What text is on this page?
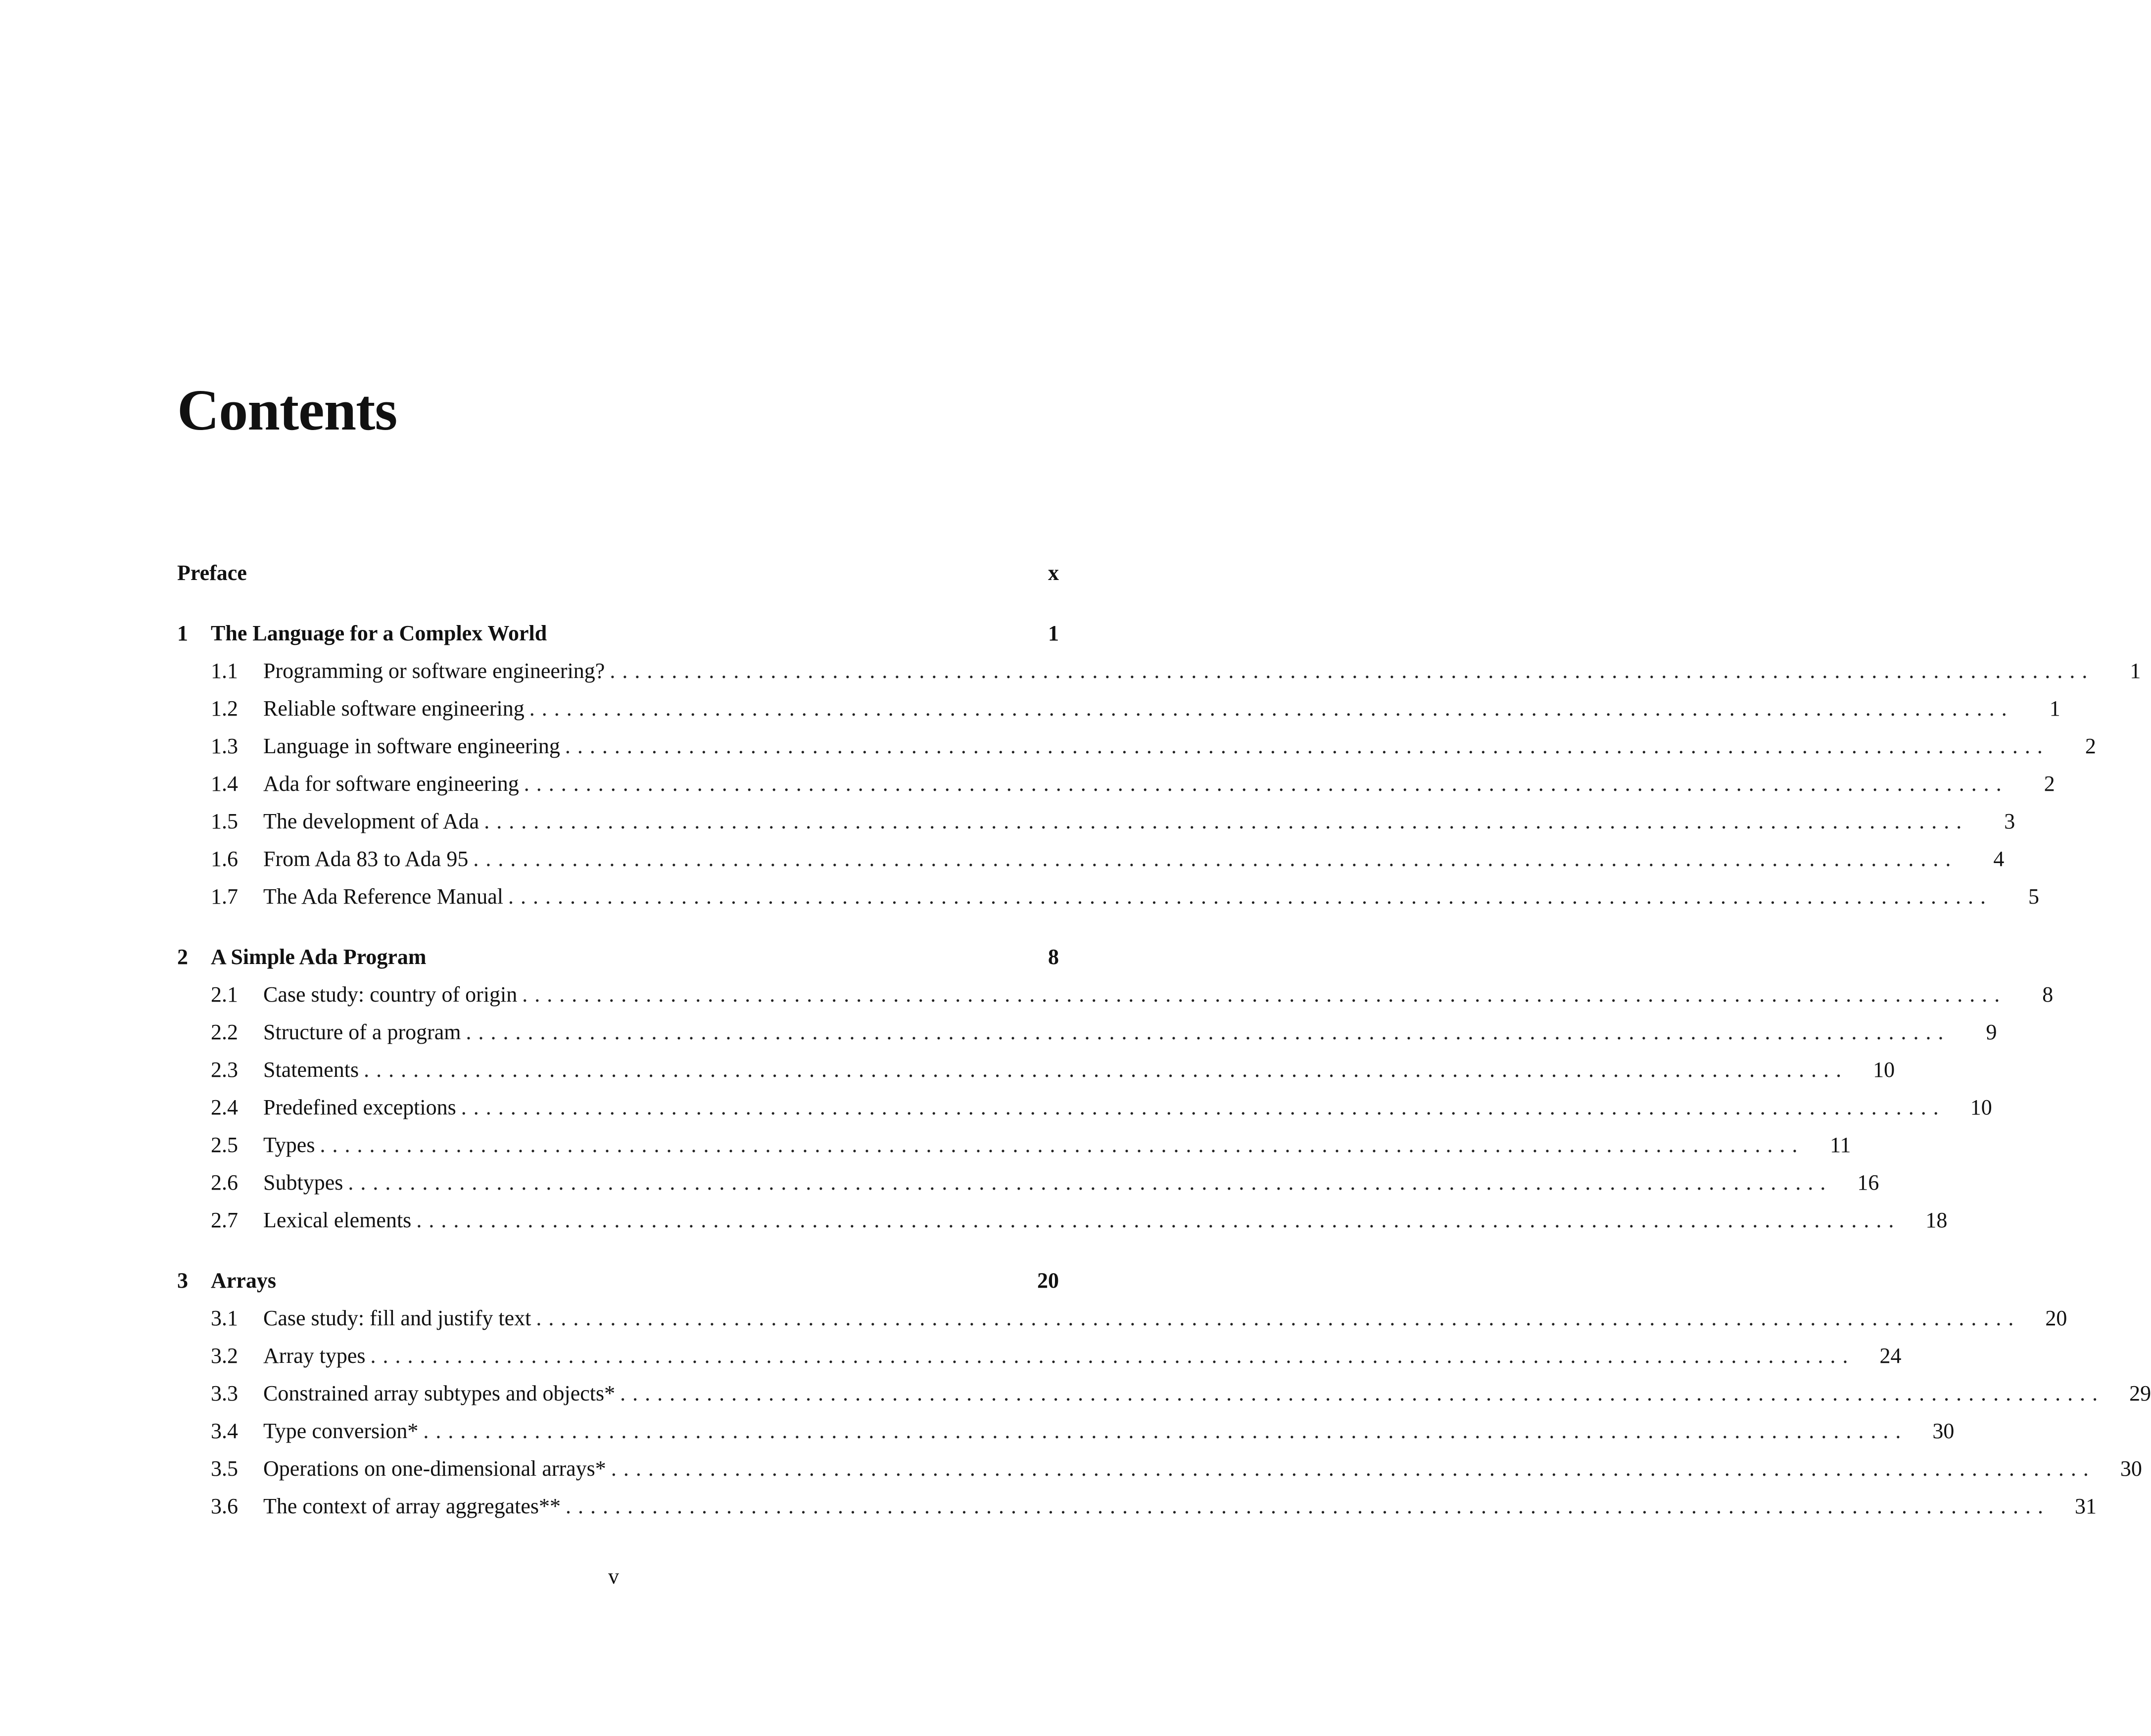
Contents
Preface	x
1	The Language for a Complex World	1
1.1	Programming or software engineering? ........................................................................................................................	1
1.2	Reliable software engineering ........................................................................................................................	1
1.3	Language in software engineering ........................................................................................................................	2
1.4	Ada for software engineering ........................................................................................................................	2
1.5	The development of Ada ........................................................................................................................	3
1.6	From Ada 83 to Ada 95 ........................................................................................................................	4
1.7	The Ada Reference Manual ........................................................................................................................	5
2	A Simple Ada Program	8
2.1	Case study: country of origin ........................................................................................................................	8
2.2	Structure of a program ........................................................................................................................	9
2.3	Statements ........................................................................................................................	10
2.4	Predefined exceptions ........................................................................................................................	10
2.5	Types ........................................................................................................................	11
2.6	Subtypes ........................................................................................................................	16
2.7	Lexical elements ........................................................................................................................	18
3	Arrays	20
3.1	Case study: fill and justify text ........................................................................................................................	20
3.2	Array types ........................................................................................................................	24
3.3	Constrained array subtypes and objects* ........................................................................................................................	29
3.4	Type conversion* ........................................................................................................................	30
3.5	Operations on one-dimensional arrays* ........................................................................................................................	30
3.6	The context of array aggregates** ........................................................................................................................	31
v
